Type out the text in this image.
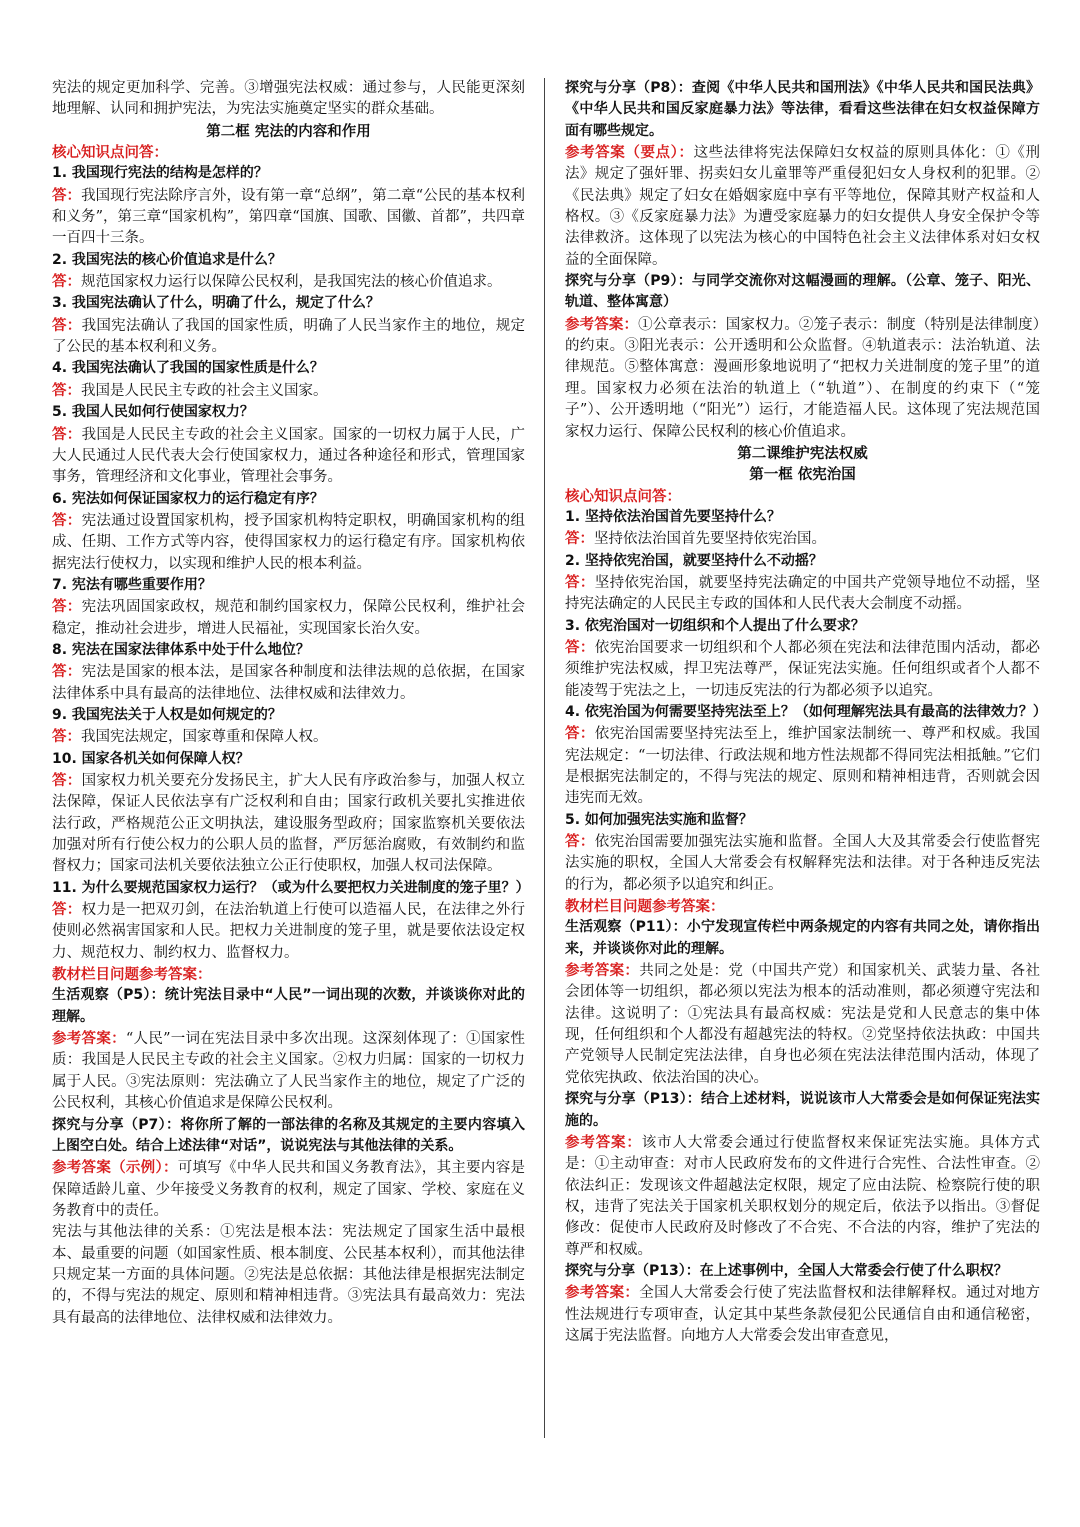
宪法的规定更加科学、完善。③增强宪法权威：通过参与，人民能更深刻地理解、认同和拥护宪法，为宪法实施奠定坚实的群众基础。

第二框 宪法的内容和作用

核心知识点问答：

1. 我国现行宪法的结构是怎样的？

答：我国现行宪法除序言外，设有第一章“总纲”，第二章“公民的基本权利和义务”，第三章“国家机构”，第四章“国旗、国歌、国徽、首都”，共四章一百四十三条。

2. 我国宪法的核心价值追求是什么？

答：规范国家权力运行以保障公民权利，是我国宪法的核心价值追求。

3. 我国宪法确认了什么，明确了什么，规定了什么？

答：我国宪法确认了我国的国家性质，明确了人民当家作主的地位，规定了公民的基本权利和义务。

4. 我国宪法确认了我国的国家性质是什么？

答：我国是人民民主专政的社会主义国家。

5. 我国人民如何行使国家权力？

答：我国是人民民主专政的社会主义国家。国家的一切权力属于人民，广大人民通过人民代表大会行使国家权力，通过各种途径和形式，管理国家事务，管理经济和文化事业，管理社会事务。

6. 宪法如何保证国家权力的运行稳定有序？

答：宪法通过设置国家机构，授予国家机构特定职权，明确国家机构的组成、任期、工作方式等内容，使得国家权力的运行稳定有序。国家机构依据宪法行使权力，以实现和维护人民的根本利益。

7. 宪法有哪些重要作用？

答：宪法巩固国家政权，规范和制约国家权力，保障公民权利，维护社会稳定，推动社会进步，增进人民福祉，实现国家长治久安。

8. 宪法在国家法律体系中处于什么地位？

答：宪法是国家的根本法，是国家各种制度和法律法规的总依据，在国家法律体系中具有最高的法律地位、法律权威和法律效力。

9. 我国宪法关于人权是如何规定的？

答：我国宪法规定，国家尊重和保障人权。

10. 国家各机关如何保障人权？

答：国家权力机关要充分发扬民主，扩大人民有序政治参与，加强人权立法保障，保证人民依法享有广泛权利和自由；国家行政机关要扎实推进依法行政，严格规范公正文明执法，建设服务型政府；国家监察机关要依法加强对所有行使公权力的公职人员的监督，严厉惩治腐败，有效制约和监督权力；国家司法机关要依法独立公正行使职权，加强人权司法保障。

11. 为什么要规范国家权力运行？（或为什么要把权力关进制度的笼子里？）

答：权力是一把双刃剑，在法治轨道上行使可以造福人民，在法律之外行使则必然祸害国家和人民。把权力关进制度的笼子里，就是要依法设定权力、规范权力、制约权力、监督权力。

教材栏目问题参考答案：

生活观察（P5）：统计宪法目录中“人民”一词出现的次数，并谈谈你对此的理解。

参考答案：“人民”一词在宪法目录中多次出现。这深刻体现了：①国家性质：我国是人民民主专政的社会主义国家。②权力归属：国家的一切权力属于人民。③宪法原则：宪法确立了人民当家作主的地位，规定了广泛的公民权利，其核心价值追求是保障公民权利。

探究与分享（P7）：将你所了解的一部法律的名称及其规定的主要内容填入上图空白处。结合上述法律“对话”，说说宪法与其他法律的关系。

参考答案（示例）：可填写《中华人民共和国义务教育法》，其主要内容是保障适龄儿童、少年接受义务教育的权利，规定了国家、学校、家庭在义务教育中的责任。

宪法与其他法律的关系：①宪法是根本法：宪法规定了国家生活中最根本、最重要的问题（如国家性质、根本制度、公民基本权利），而其他法律只规定某一方面的具体问题。②宪法是总依据：其他法律是根据宪法制定的，不得与宪法的规定、原则和精神相违背。③宪法具有最高效力：宪法具有最高的法律地位、法律权威和法律效力。

探究与分享（P8）：查阅《中华人民共和国刑法》《中华人民共和国民法典》《中华人民共和国反家庭暴力法》等法律，看看这些法律在妇女权益保障方面有哪些规定。

参考答案（要点）：这些法律将宪法保障妇女权益的原则具体化：①《刑法》规定了强奸罪、拐卖妇女儿童罪等严重侵犯妇女人身权利的犯罪。②《民法典》规定了妇女在婚姻家庭中享有平等地位，保障其财产权益和人格权。③《反家庭暴力法》为遭受家庭暴力的妇女提供人身安全保护令等法律救济。这体现了以宪法为核心的中国特色社会主义法律体系对妇女权益的全面保障。

探究与分享（P9）：与同学交流你对这幅漫画的理解。（公章、笼子、阳光、轨道、整体寓意）

参考答案：①公章表示：国家权力。②笼子表示：制度（特别是法律制度）的约束。③阳光表示：公开透明和公众监督。④轨道表示：法治轨道、法律规范。⑤整体寓意：漫画形象地说明了“把权力关进制度的笼子里”的道理。国家权力必须在法治的轨道上（“轨道”）、在制度的约束下（“笼子”）、公开透明地（“阳光”）运行，才能造福人民。这体现了宪法规范国家权力运行、保障公民权利的核心价值追求。

第二课维护宪法权威

第一框 依宪治国

核心知识点问答：

1. 坚持依法治国首先要坚持什么？

答：坚持依法治国首先要坚持依宪治国。

2. 坚持依宪治国，就要坚持什么不动摇？

答：坚持依宪治国，就要坚持宪法确定的中国共产党领导地位不动摇，坚持宪法确定的人民民主专政的国体和人民代表大会制度不动摇。

3. 依宪治国对一切组织和个人提出了什么要求？

答：依宪治国要求一切组织和个人都必须在宪法和法律范围内活动，都必须维护宪法权威，捍卫宪法尊严，保证宪法实施。任何组织或者个人都不能凌驾于宪法之上，一切违反宪法的行为都必须予以追究。

4. 依宪治国为何需要坚持宪法至上？（如何理解宪法具有最高的法律效力？）

答：依宪治国需要坚持宪法至上，维护国家法制统一、尊严和权威。我国宪法规定：“一切法律、行政法规和地方性法规都不得同宪法相抵触。”它们是根据宪法制定的，不得与宪法的规定、原则和精神相违背，否则就会因违宪而无效。

5. 如何加强宪法实施和监督？

答：依宪治国需要加强宪法实施和监督。全国人大及其常委会行使监督宪法实施的职权，全国人大常委会有权解释宪法和法律。对于各种违反宪法的行为，都必须予以追究和纠正。

教材栏目问题参考答案：

生活观察（P11）：小宁发现宣传栏中两条规定的内容有共同之处，请你指出来，并谈谈你对此的理解。

参考答案：共同之处是：党（中国共产党）和国家机关、武装力量、各社会团体等一切组织，都必须以宪法为根本的活动准则，都必须遵守宪法和法律。这说明了：①宪法具有最高权威：宪法是党和人民意志的集中体现，任何组织和个人都没有超越宪法的特权。②党坚持依法执政：中国共产党领导人民制定宪法法律，自身也必须在宪法法律范围内活动，体现了党依宪执政、依法治国的决心。

探究与分享（P13）：结合上述材料，说说该市人大常委会是如何保证宪法实施的。

参考答案：该市人大常委会通过行使监督权来保证宪法实施。具体方式是：①主动审查：对市人民政府发布的文件进行合宪性、合法性审查。②依法纠正：发现该文件超越法定权限，规定了应由法院、检察院行使的职权，违背了宪法关于国家机关职权划分的规定后，依法予以指出。③督促修改：促使市人民政府及时修改了不合宪、不合法的内容，维护了宪法的尊严和权威。

探究与分享（P13）：在上述事例中，全国人大常委会行使了什么职权？

参考答案：全国人大常委会行使了宪法监督权和法律解释权。通过对地方性法规进行专项审查，认定其中某些条款侵犯公民通信自由和通信秘密，这属于宪法监督。向地方人大常委会发出审查意见，
